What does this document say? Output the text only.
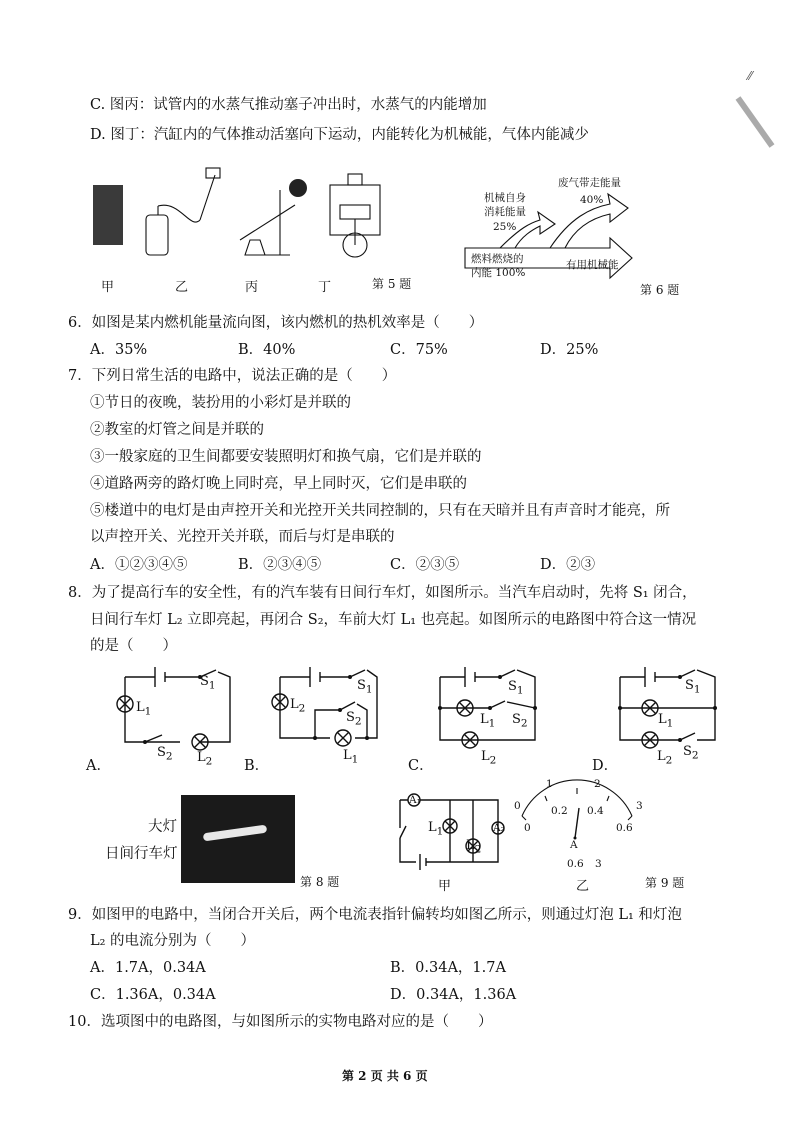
C. 图丙：试管内的水蒸气推动塞子冲出时，水蒸气的内能增加
D. 图丁：汽缸内的气体推动活塞向下运动，内能转化为机械能，气体内能减少
⁄⁄
甲	乙	丙	丁	第 5 题
废气带走能量
40%
机械自身
消耗能量
25%
燃料燃烧的
内能 100%
有用机械能
第 6 题
6．如图是某内燃机能量流向图，该内燃机的热机效率是（　　）
A．35%	B．40%	C．75%	D．25%
7．下列日常生活的电路中，说法正确的是（　　）
①节日的夜晚，装扮用的小彩灯是并联的
②教室的灯管之间是并联的
③一般家庭的卫生间都要安装照明灯和换气扇，它们是并联的
④道路两旁的路灯晚上同时亮，早上同时灭，它们是串联的
⑤楼道中的电灯是由声控开关和光控开关共同控制的，只有在天暗并且有声音时才能亮，所
以声控开关、光控开关并联，而后与灯是串联的
A．①②③④⑤	B．②③④⑤	C．②③⑤	D．②③
8．为了提高行车的安全性，有的汽车装有日间行车灯，如图所示。当汽车启动时，先将 S₁ 闭合，
日间行车灯 L₂ 立即亮起，再闭合 S₂，车前大灯 L₁ 也亮起。如图所示的电路图中符合这一情况
的是（　　）
$S_1$
$L_1$
$S_2$ $L_2$
A．
$S_1$
$L_2$
$S_2$
$L_1$
B．
$S_1$
$L_1$ $S_2$
$L_2$
C．
$S_1$
$L_1$
$L_2$
$S_2$
D．
大灯
日间行车灯
第 8 题
A₁
A₂
$L_1$
$L_2$
甲
0
1	2
3
0
0.2 0.4
0.6
A
0.6 3
乙	第 9 题
9．如图甲的电路中，当闭合开关后，两个电流表指针偏转均如图乙所示，则通过灯泡 L₁ 和灯泡
L₂ 的电流分别为（　　）
A．1.7A，0.34A	B．0.34A，1.7A
C．1.36A，0.34A	D．0.34A，1.36A
10．选项图中的电路图，与如图所示的实物电路对应的是（　　）
第 2 页 共 6 页
